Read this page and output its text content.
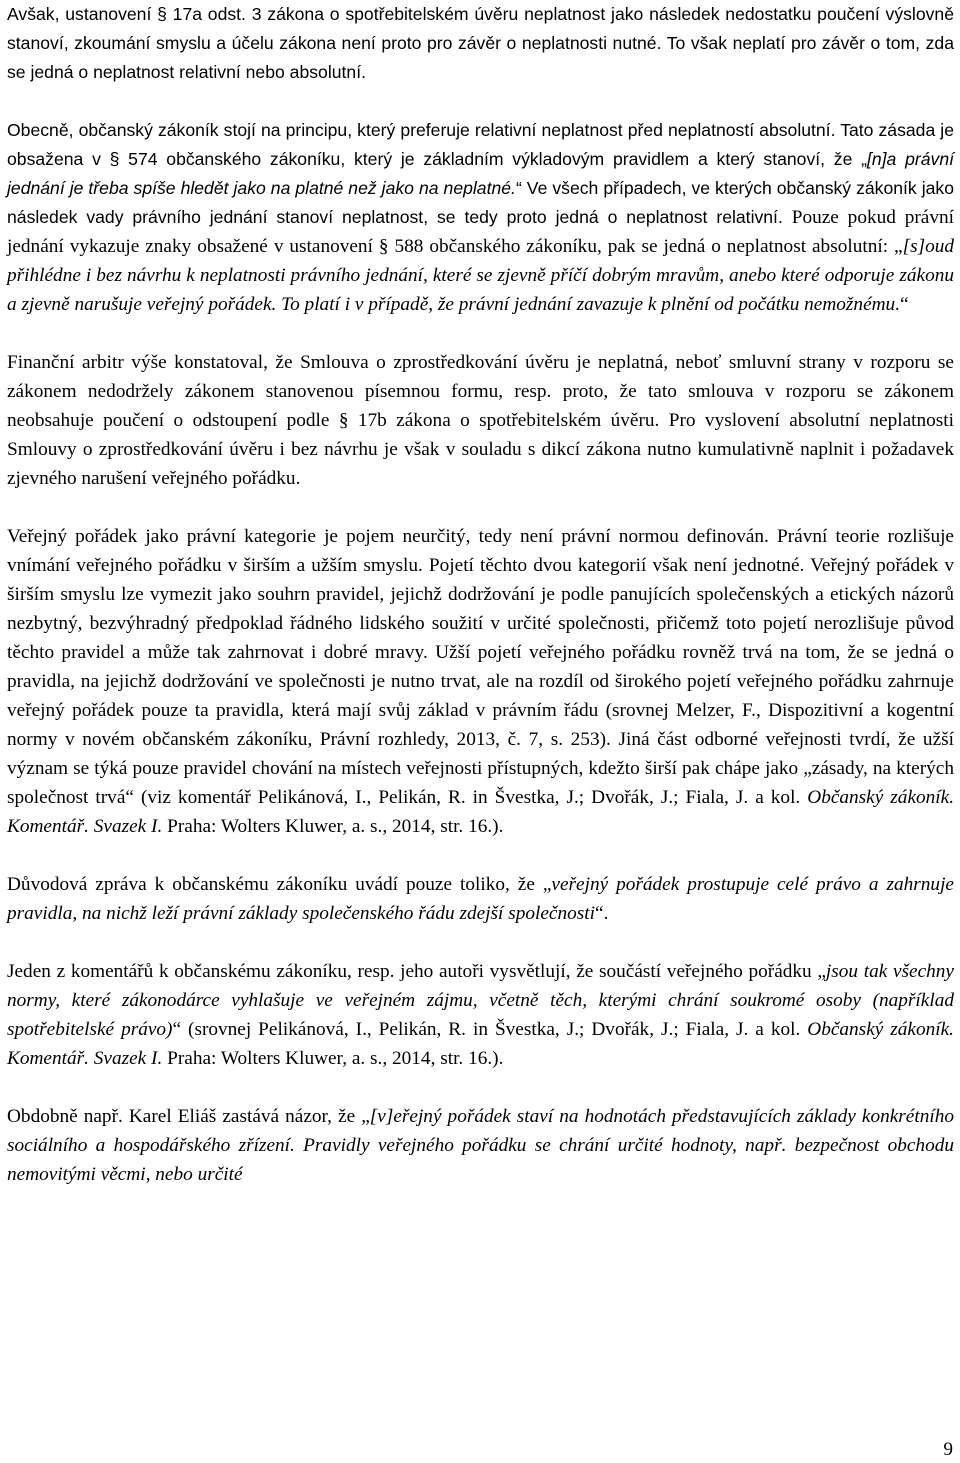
Avšak, ustanovení § 17a odst. 3 zákona o spotřebitelském úvěru neplatnost jako následek nedostatku poučení výslovně stanoví, zkoumání smyslu a účelu zákona není proto pro závěr o neplatnosti nutné. To však neplatí pro závěr o tom, zda se jedná o neplatnost relativní nebo absolutní.

Obecně, občanský zákoník stojí na principu, který preferuje relativní neplatnost před neplatností absolutní. Tato zásada je obsažena v § 574 občanského zákoníku, který je základním výkladovým pravidlem a který stanoví, že „[n]a právní jednání je třeba spíše hledět jako na platné než jako na neplatné.“ Ve všech případech, ve kterých občanský zákoník jako následek vady právního jednání stanoví neplatnost, se tedy proto jedná o neplatnost relativní. Pouze pokud právní jednání vykazuje znaky obsažené v ustanovení § 588 občanského zákoníku, pak se jedná o neplatnost absolutní: „[s]oud přihlédne i bez návrhu k neplatnosti právního jednání, které se zjevně příčí dobrým mravům, anebo které odporuje zákonu a zjevně narušuje veřejný pořádek. To platí i v případě, že právní jednání zavazuje k plnění od počátku nemožnému.“

Finanční arbitr výše konstatoval, že Smlouva o zprostředkování úvěru je neplatná, neboť smluvní strany v rozporu se zákonem nedodržely zákonem stanovenou písemnou formu, resp. proto, že tato smlouva v rozporu se zákonem neobsahuje poučení o odstoupení podle § 17b zákona o spotřebitelském úvěru. Pro vyslovení absolutní neplatnosti Smlouvy o zprostředkování úvěru i bez návrhu je však v souladu s dikcí zákona nutno kumulativně naplnit i požadavek zjevného narušení veřejného pořádku.

Veřejný pořádek jako právní kategorie je pojem neurčitý, tedy není právní normou definován. Právní teorie rozlišuje vnímání veřejného pořádku v širším a užším smyslu. Pojetí těchto dvou kategorií však není jednotné. Veřejný pořádek v širším smyslu lze vymezit jako souhrn pravidel, jejichž dodržování je podle panujících společenských a etických názorů nezbytný, bezvýhradný předpoklad řádného lidského soužití v určité společnosti, přičemž toto pojetí nerozlišuje původ těchto pravidel a může tak zahrnovat i dobré mravy. Užší pojetí veřejného pořádku rovněž trvá na tom, že se jedná o pravidla, na jejichž dodržování ve společnosti je nutno trvat, ale na rozdíl od širokého pojetí veřejného pořádku zahrnuje veřejný pořádek pouze ta pravidla, která mají svůj základ v právním řádu (srovnej Melzer, F., Dispozitivní a kogentní normy v novém občanském zákoníku, Právní rozhledy, 2013, č. 7, s. 253). Jiná část odborné veřejnosti tvrdí, že užší význam se týká pouze pravidel chování na místech veřejnosti přístupných, kdežto širší pak chápe jako „zásady, na kterých společnost trvá“ (viz komentář Pelikánová, I., Pelikán, R. in Švestka, J.; Dvořák, J.; Fiala, J. a kol. Občanský zákoník. Komentář. Svazek I. Praha: Wolters Kluwer, a. s., 2014, str. 16.).

Důvodová zpráva k občanskému zákoníku uvádí pouze toliko, že „veřejný pořádek prostupuje celé právo a zahrnuje pravidla, na nichž leží právní základy společenského řádu zdejší společnosti“.

Jeden z komentářů k občanskému zákoníku, resp. jeho autoři vysvětlují, že součástí veřejného pořádku „jsou tak všechny normy, které zákonodárce vyhlašuje ve veřejném zájmu, včetně těch, kterými chrání soukromé osoby (například spotřebitelské právo)“ (srovnej Pelikánová, I., Pelikán, R. in Švestka, J.; Dvořák, J.; Fiala, J. a kol. Občanský zákoník. Komentář. Svazek I. Praha: Wolters Kluwer, a. s., 2014, str. 16.).

Obdobně např. Karel Eliáš zastává názor, že „[v]eřejný pořádek staví na hodnotách představujících základy konkrétního sociálního a hospodářského zřízení. Pravidly veřejného pořádku se chrání určité hodnoty, např. bezpečnost obchodu nemovitými věcmi, nebo určité

9
